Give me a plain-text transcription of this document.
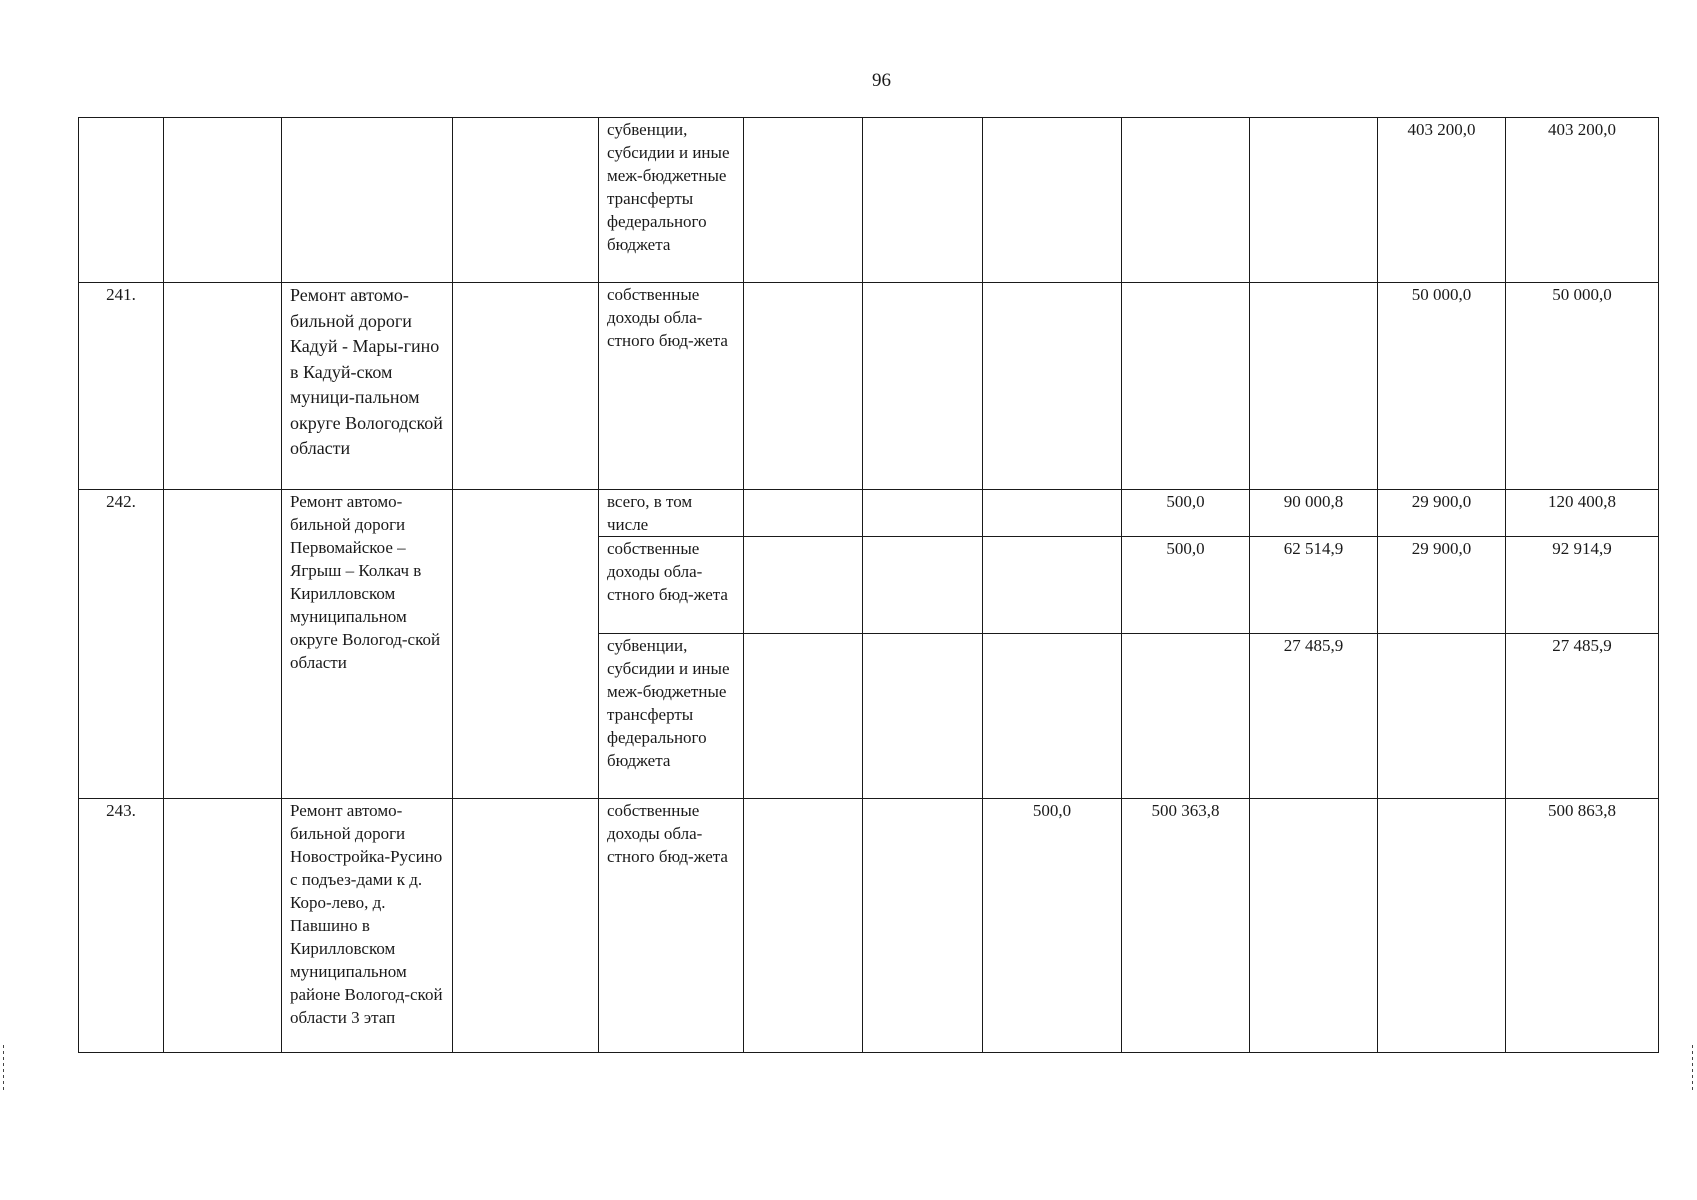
96
				субвенции, субсидии и иные меж-бюджетные трансферты федерального бюджета						403 200,0	403 200,0
241.		Ремонт автомо-бильной дороги Кадуй - Мары-гино в Кадуй-ском муници-пальном округе Вологодской области		собственные доходы обла-стного бюд-жета						50 000,0	50 000,0
242.		Ремонт автомо-бильной дороги Первомайское – Ягрыш – Колкач в Кирилловском муниципальном округе Вологод-ской области		всего, в том числе				500,0	90 000,8	29 900,0	120 400,8
				собственные доходы обла-стного бюд-жета				500,0	62 514,9	29 900,0	92 914,9
				субвенции, субсидии и иные меж-бюджетные трансферты федерального бюджета					27 485,9		27 485,9
243.		Ремонт автомо-бильной дороги Новостройка-Русино с подъез-дами к д. Коро-лево, д. Павшино в Кирилловском муниципальном районе Вологод-ской области 3 этап		собственные доходы обла-стного бюд-жета			500,0	500 363,8			500 863,8
